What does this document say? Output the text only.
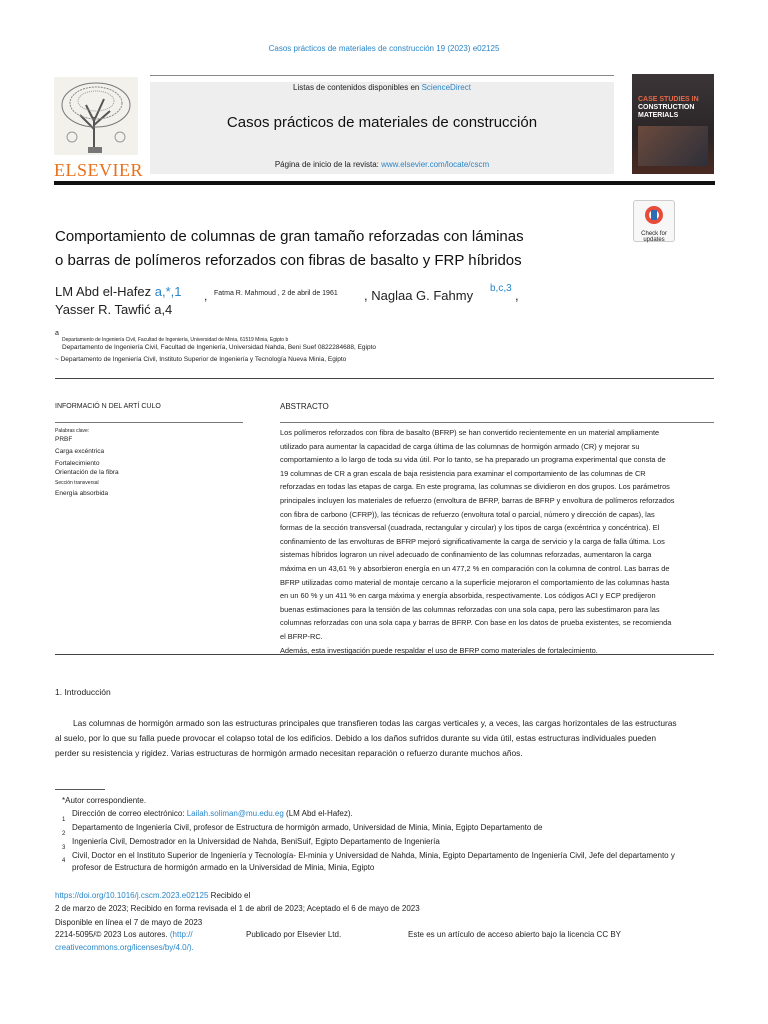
Casos prácticos de materiales de construcción 19 (2023) e02125
ELSEVIER
Listas de contenidos disponibles en ScienceDirect
Casos prácticos de materiales de construcción
Página de inicio de la revista: www.elsevier.com/locate/cscm
CASE STUDIES IN
CONSTRUCTION
MATERIALS
Check for
updates
Comportamiento de columnas de gran tamaño reforzadas con láminas
o barras de polímeros reforzados con fibras de basalto y FRP híbridos
LM Abd el-Hafez a,*,1 , Fatma R. Mahmoud , 2 de abril de 1961 , Naglaa G. Fahmy b,c,3 ,
Yasser R. Tawfić a,4
a
Departamento de Ingeniería Civil, Facultad de Ingeniería, Universidad de Minia, 61519 Minia, Egipto b
Departamento de Ingeniería Civil, Facultad de Ingeniería, Universidad Nahda, Beni Suef 0822284688, Egipto
~ Departamento de Ingeniería Civil, Instituto Superior de Ingeniería y Tecnología Nueva Minia, Egipto
INFORMACIÓ N DEL ARTÍ CULO
Palabras clave:
PRBF
Carga excéntrica
Fortalecimiento
Orientación de la fibra
Sección transversal
Energía absorbida
ABSTRACTO
Los polímeros reforzados con fibra de basalto (BFRP) se han convertido recientemente en un material ampliamente
utilizado para aumentar la capacidad de carga última de las columnas de hormigón armado (CR) y mejorar su
comportamiento a lo largo de toda su vida útil. Por lo tanto, se ha preparado un programa experimental que consta de
19 columnas de CR a gran escala de baja resistencia para examinar el comportamiento de las columnas de CR
reforzadas en todas las etapas de carga. En este programa, las columnas se dividieron en dos grupos. Los parámetros
principales incluyen los materiales de refuerzo (envoltura de BFRP, barras de BFRP y envoltura de polímeros reforzados
con fibra de carbono (CFRP)), las técnicas de refuerzo (envoltura total o parcial, número y dirección de capas), las
formas de la sección transversal (cuadrada, rectangular y circular) y los tipos de carga (excéntrica y concéntrica). El
confinamiento de las envolturas de BFRP mejoró significativamente la carga de servicio y la carga de falla última. Los
sistemas híbridos lograron un nivel adecuado de confinamiento de las columnas reforzadas, aumentaron la carga
máxima en un 43,61 % y absorbieron energía en un 477,2 % en comparación con la columna de control. Las barras de
BFRP utilizadas como material de montaje cercano a la superficie mejoraron el comportamiento de las columnas hasta
en un 60 % y un 411 % en carga máxima y energía absorbida, respectivamente. Los códigos ACI y ECP predijeron
buenas estimaciones para la tensión de las columnas reforzadas con una sola capa, pero las subestimaron para las
columnas reforzadas con una sola capa y barras de BFRP. Con base en los datos de prueba existentes, se recomienda
el BFRP-RC.
Además, esta investigación puede respaldar el uso de BFRP como materiales de fortalecimiento.
1. Introducción
Las columnas de hormigón armado son las estructuras principales que transfieren todas las cargas verticales y, a veces, las cargas horizontales de las estructuras
al suelo, por lo que su falla puede provocar el colapso total de los edificios. Debido a los daños sufridos durante su vida útil, estas estructuras individuales pueden
perder su resistencia y rigidez. Varias estructuras de hormigón armado necesitan reparación o refuerzo durante muchos años.
*Autor correspondiente.
Dirección de correo electrónico: Lailah.soliman@mu.edu.eg (LM Abd el-Hafez).
1
Departamento de Ingeniería Civil, profesor de Estructura de hormigón armado, Universidad de Minia, Minia, Egipto Departamento de
2
Ingeniería Civil, Demostrador en la Universidad de Nahda, BeniSuif, Egipto Departamento de Ingeniería
3
Civil, Doctor en el Instituto Superior de Ingeniería y Tecnología- El-minia y Universidad de Nahda, Minia, Egipto Departamento de Ingeniería Civil, Jefe del departamento y
4
profesor de Estructura de hormigón armado en la Universidad de Minia, Minia, Egipto
https://doi.org/10.1016/j.cscm.2023.e02125 Recibido el
2 de marzo de 2023; Recibido en forma revisada el 1 de abril de 2023; Aceptado el 6 de mayo de 2023
Disponible en línea el 7 de mayo de 2023
2214-5095/© 2023 Los autores. (http://
creativecommons.org/licenses/by/4.0/).
Publicado por Elsevier Ltd.	Este es un artículo de acceso abierto bajo la licencia CC BY
